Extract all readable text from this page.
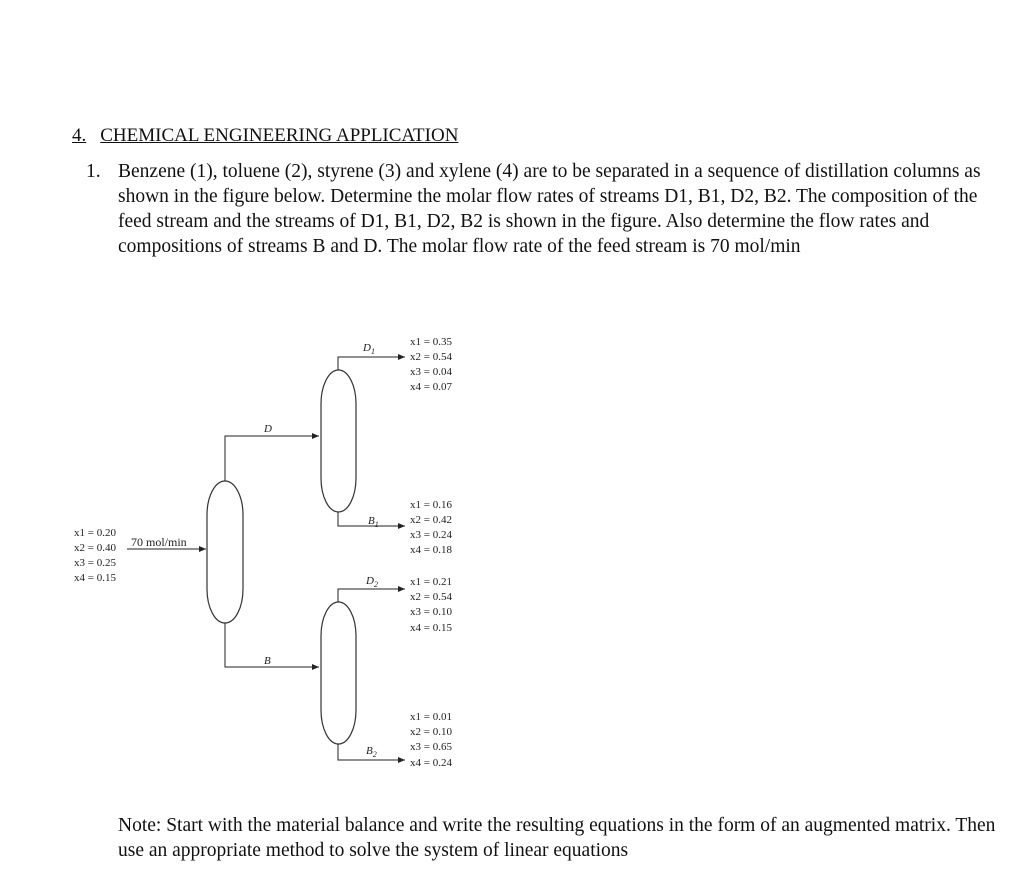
4. CHEMICAL ENGINEERING APPLICATION
1. Benzene (1), toluene (2), styrene (3) and xylene (4) are to be separated in a sequence of distillation columns as shown in the figure below. Determine the molar flow rates of streams D1, B1, D2, B2. The composition of the feed stream and the streams of D1, B1, D2, B2 is shown in the figure. Also determine the flow rates and compositions of streams B and D. The molar flow rate of the feed stream is 70 mol/min
D
B
$D_1$
$B_1$
$D_2$
$B_2$
70 mol/min
x1 = 0.20
x2 = 0.40
x3 = 0.25
x4 = 0.15
x1 = 0.35
x2 = 0.54
x3 = 0.04
x4 = 0.07
x1 = 0.16
x2 = 0.42
x3 = 0.24
x4 = 0.18
x1 = 0.21
x2 = 0.54
x3 = 0.10
x4 = 0.15
x1 = 0.01
x2 = 0.10
x3 = 0.65
x4 = 0.24
Note: Start with the material balance and write the resulting equations in the form of an augmented matrix. Then use an appropriate method to solve the system of linear equations
